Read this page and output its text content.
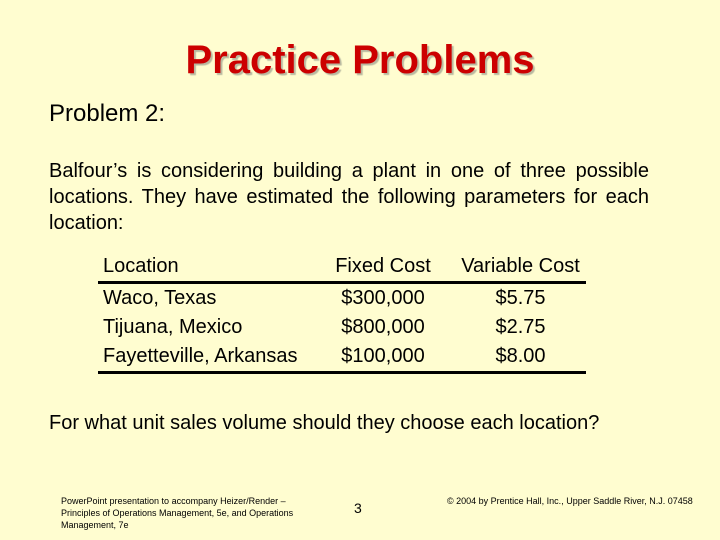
Practice Problems
Problem 2:
Balfour’s is considering building a plant in one of three possible locations. They have estimated the following parameters for each location:
Location	Fixed Cost	Variable Cost
Waco, Texas	$300,000	$5.75
Tijuana, Mexico	$800,000	$2.75
Fayetteville, Arkansas	$100,000	$8.00
For what unit sales volume should they choose each location?
PowerPoint presentation to accompany Heizer/Render – Principles of Operations Management, 5e, and Operations Management, 7e
3	© 2004 by Prentice Hall, Inc., Upper Saddle River, N.J. 07458
